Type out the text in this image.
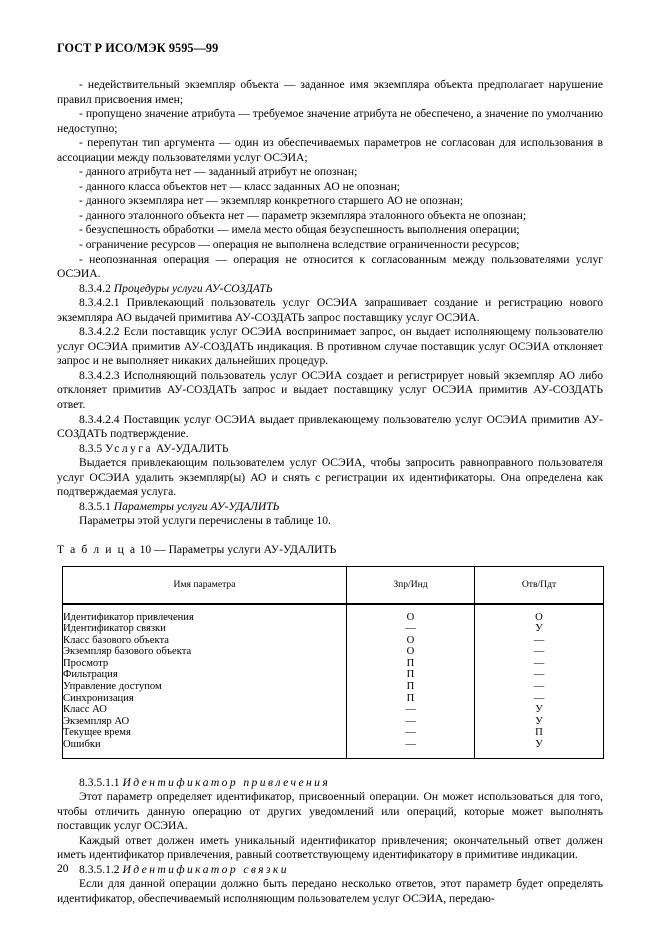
ГОСТ Р ИСО/МЭК 9595—99

- недействительный экземпляр объекта — заданное имя экземпляра объекта предполагает нарушение правил присвоения имен;

- пропущено значение атрибута — требуемое значение атрибута не обеспечено, а значение по умолчанию недоступно;

- перепутан тип аргумента — один из обеспечиваемых параметров не согласован для использования в ассоциации между пользователями услуг ОСЭИА;

- данного атрибута нет — заданный атрибут не опознан;

- данного класса объектов нет — класс заданных АО не опознан;

- данного экземпляра нет — экземпляр конкретного старшего АО не опознан;

- данного эталонного объекта нет — параметр экземпляра эталонного объекта не опознан;

- безуспешность обработки — имела место общая безуспешность выполнения операции;

- ограничение ресурсов — операция не выполнена вследствие ограниченности ресурсов;

- неопознанная операция — операция не относится к согласованным между пользователями услуг ОСЭИА.

8.3.4.2 Процедуры услуги АУ-СОЗДАТЬ

8.3.4.2.1 Привлекающий пользователь услуг ОСЭИА запрашивает создание и регистрацию нового экземпляра АО выдачей примитива АУ-СОЗДАТЬ запрос поставщику услуг ОСЭИА.

8.3.4.2.2 Если поставщик услуг ОСЭИА воспринимает запрос, он выдает исполняющему пользователю услуг ОСЭИА примитив АУ-СОЗДАТЬ индикация. В противном случае поставщик услуг ОСЭИА отклоняет запрос и не выполняет никаких дальнейших процедур.

8.3.4.2.3 Исполняющий пользователь услуг ОСЭИА создает и регистрирует новый экземпляр АО либо отклоняет примитив АУ-СОЗДАТЬ запрос и выдает поставщику услуг ОСЭИА примитив АУ-СОЗДАТЬ ответ.

8.3.4.2.4 Поставщик услуг ОСЭИА выдает привлекающему пользователю услуг ОСЭИА примитив АУ-СОЗДАТЬ подтверждение.

8.3.5 Услуга АУ-УДАЛИТЬ

Выдается привлекающим пользователем услуг ОСЭИА, чтобы запросить равноправного пользователя услуг ОСЭИА удалить экземпляр(ы) АО и снять с регистрации их идентификаторы. Она определена как подтверждаемая услуга.

8.3.5.1 Параметры услуги АУ-УДАЛИТЬ

Параметры этой услуги перечислены в таблице 10.

Т а б л и ц а 10 — Параметры услуги АУ-УДАЛИТЬ

Имя параметра	Зпр/Инд	Отв/Пдт
Идентификатор привлечения	О	О
Идентификатор связки	—	У
Класс базового объекта	О	—
Экземпляр базового объекта	О	—
Просмотр	П	—
Фильтрация	П	—
Управление доступом	П	—
Синхронизация	П	—
Класс АО	—	У
Экземпляр АО	—	У
Текущее время	—	П
Ошибки	—	У

8.3.5.1.1 Идентификатор привлечения

Этот параметр определяет идентификатор, присвоенный операции. Он может использоваться для того, чтобы отличить данную операцию от других уведомлений или операций, которые может выполнять поставщик услуг ОСЭИА.

Каждый ответ должен иметь уникальный идентификатор привлечения; окончательный ответ должен иметь идентификатор привлечения, равный соответствующему идентификатору в примитиве индикации.

8.3.5.1.2 Идентификатор связки

Если для данной операции должно быть передано несколько ответов, этот параметр будет определять идентификатор, обеспечиваемый исполняющим пользователем услуг ОСЭИА, передаю-

20
